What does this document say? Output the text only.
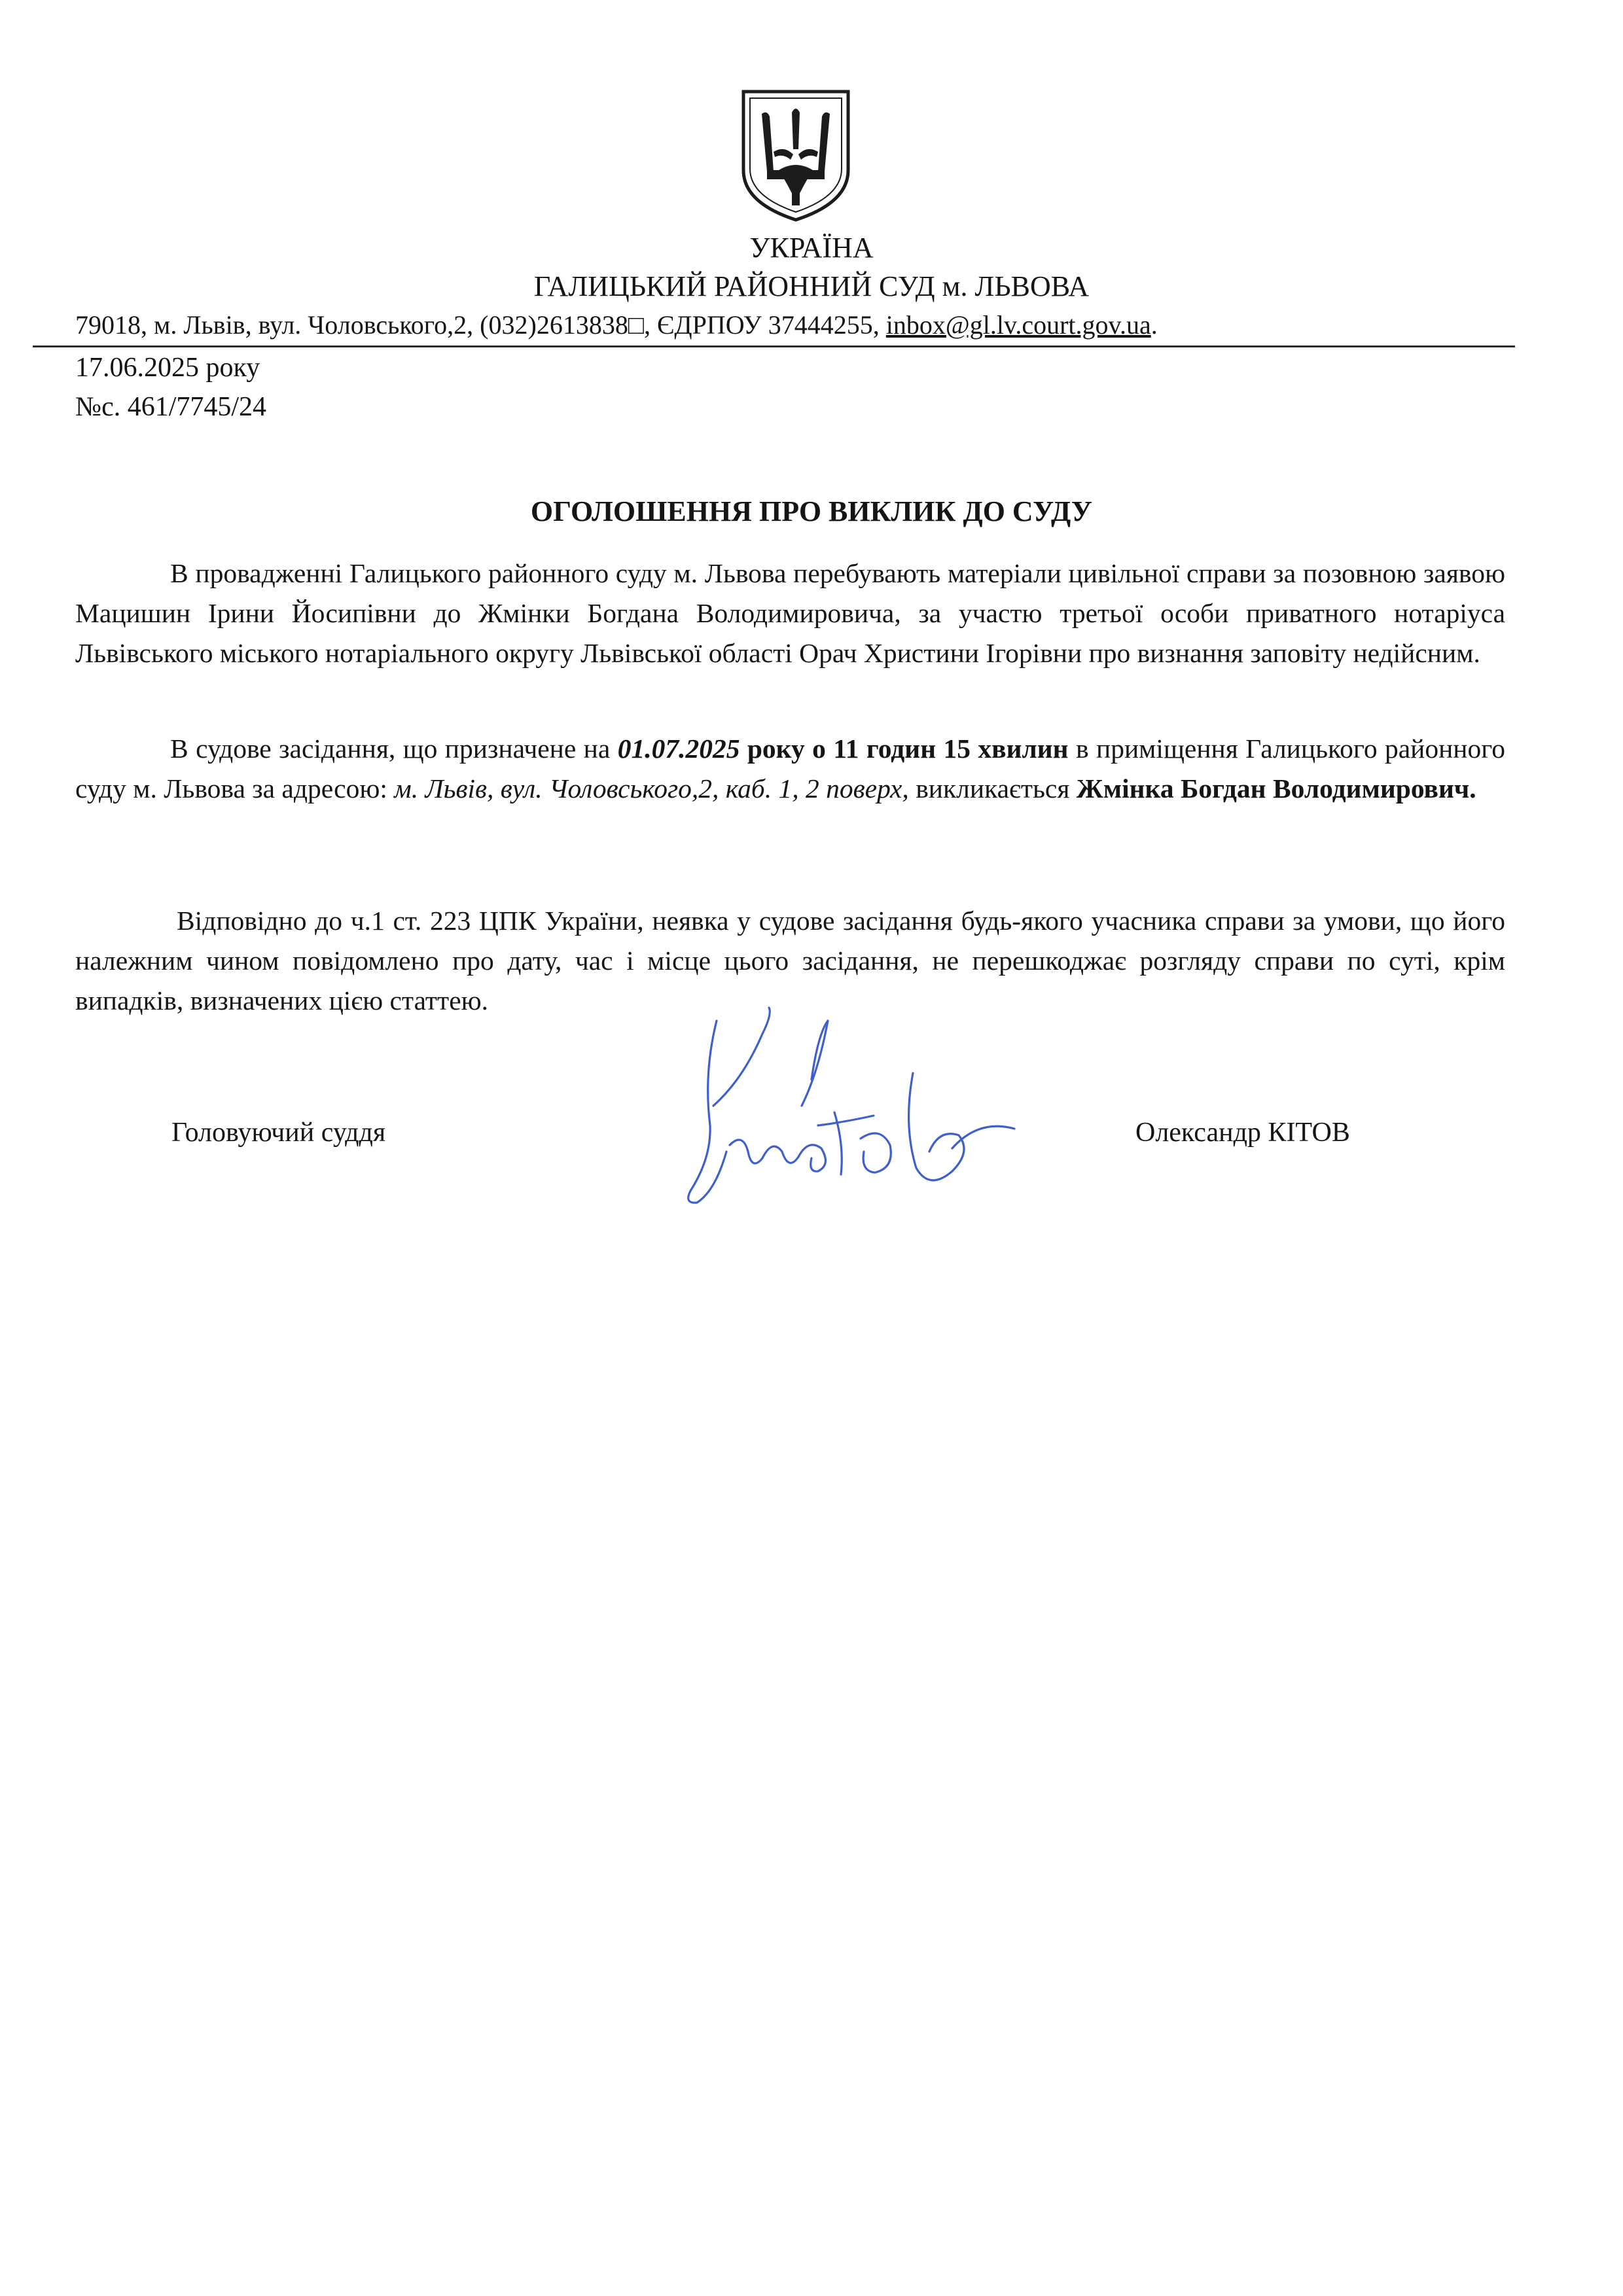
УКРАЇНА
ГАЛИЦЬКИЙ РАЙОННИЙ СУД м. ЛЬВОВА
79018, м. Львів, вул. Чоловського,2, (032)2613838□, ЄДРПОУ 37444255, inbox@gl.lv.court.gov.ua.
17.06.2025 року
№с. 461/7745/24
ОГОЛОШЕННЯ ПРО ВИКЛИК ДО СУДУ

В провадженні Галицького районного суду м. Львова перебувають матеріали цивільної справи за позовною заявою Мацишин Ірини Йосипівни до Жмінки Богдана Володимировича, за участю третьої особи приватного нотаріуса Львівського міського нотаріального округу Львівської області Орач Христини Ігорівни про визнання заповіту недійсним.

В судове засідання, що призначене на 01.07.2025 року о 11 годин 15 хвилин в приміщення Галицького районного суду м. Львова за адресою: м. Львів, вул. Чоловського,2, каб. 1, 2 поверх, викликається Жмінка Богдан Володимирович.

Відповідно до ч.1 ст. 223 ЦПК України, неявка у судове засідання будь-якого учасника справи за умови, що його належним чином повідомлено про дату, час і місце цього засідання, не перешкоджає розгляду справи по суті, крім випадків, визначених цією статтею.

Головуючий суддя	Олександр КІТОВ
